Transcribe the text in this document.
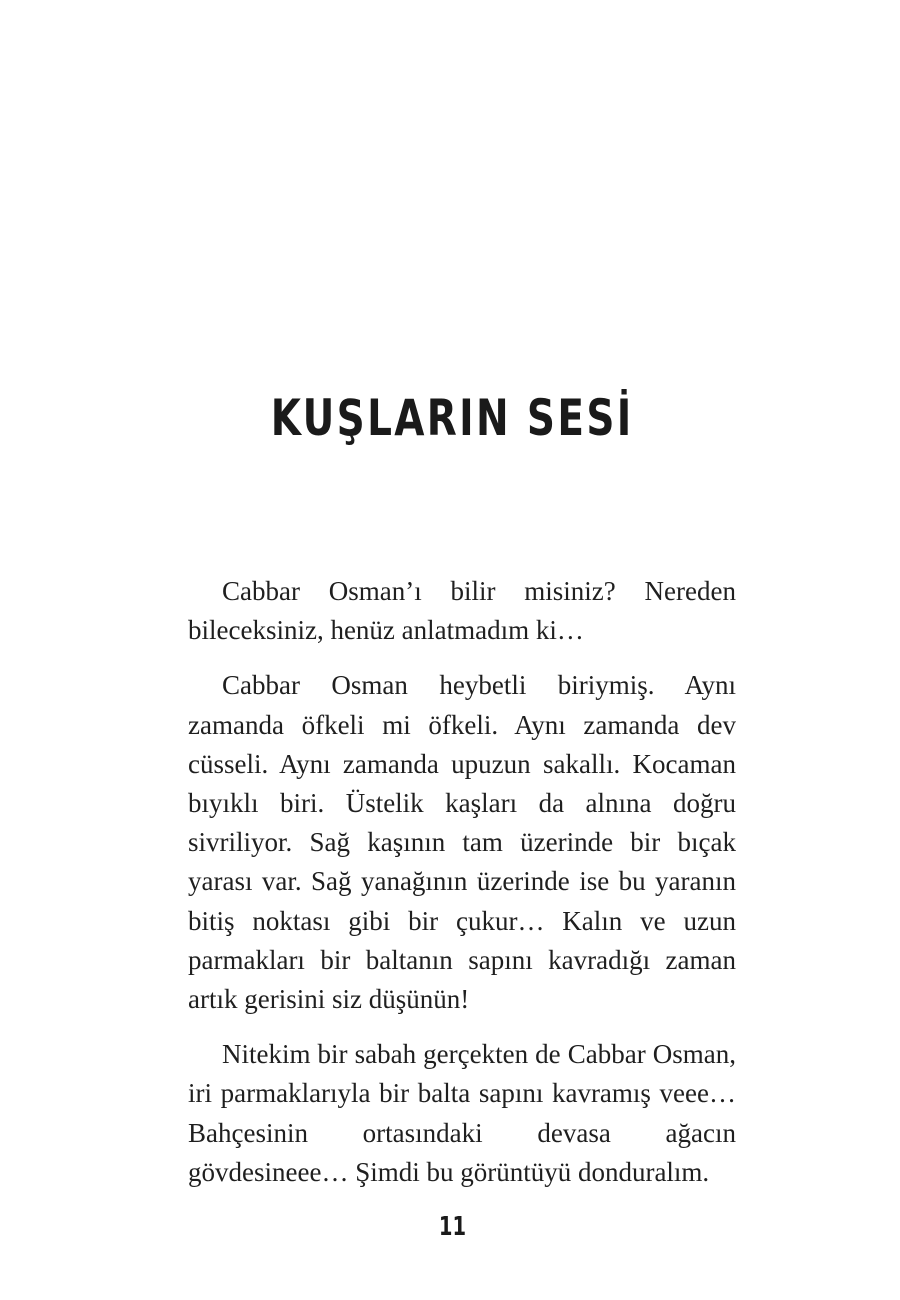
KUŞLARIN SESİ

Cabbar Osman’ı bilir misiniz? Nereden bileceksiniz, henüz anlatmadım ki…

Cabbar Osman heybetli biriymiş. Aynı zamanda öfkeli mi öfkeli. Aynı zamanda dev cüsseli. Aynı zamanda upuzun sakallı. Kocaman bıyıklı biri. Üstelik kaşları da alnına doğru sivriliyor. Sağ kaşının tam üzerinde bir bıçak yarası var. Sağ yanağının üzerinde ise bu yaranın bitiş noktası gibi bir çukur… Kalın ve uzun parmakları bir baltanın sapını kavradığı zaman artık gerisini siz düşünün!

Nitekim bir sabah gerçekten de Cabbar Osman, iri parmaklarıyla bir balta sapını kavramış veee… Bahçesinin ortasındaki devasa ağacın gövdesineee… Şimdi bu görüntüyü donduralım.

11
